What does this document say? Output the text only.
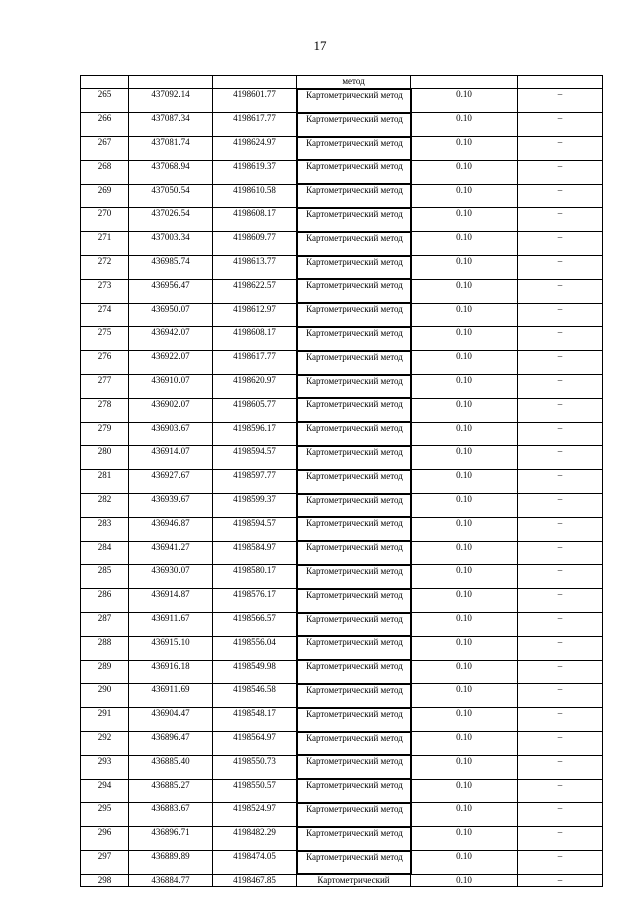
17
			метод		
265	437092.14	4198601.77		Картометрический метод	0.10	–
266	437087.34	4198617.77		Картометрический метод	0.10	–
267	437081.74	4198624.97		Картометрический метод	0.10	–
268	437068.94	4198619.37		Картометрический метод	0.10	–
269	437050.54	4198610.58		Картометрический метод	0.10	–
270	437026.54	4198608.17		Картометрический метод	0.10	–
271	437003.34	4198609.77		Картометрический метод	0.10	–
272	436985.74	4198613.77		Картометрический метод	0.10	–
273	436956.47	4198622.57		Картометрический метод	0.10	–
274	436950.07	4198612.97		Картометрический метод	0.10	–
275	436942.07	4198608.17		Картометрический метод	0.10	–
276	436922.07	4198617.77		Картометрический метод	0.10	–
277	436910.07	4198620.97		Картометрический метод	0.10	–
278	436902.07	4198605.77		Картометрический метод	0.10	–
279	436903.67	4198596.17		Картометрический метод	0.10	–
280	436914.07	4198594.57		Картометрический метод	0.10	–
281	436927.67	4198597.77		Картометрический метод	0.10	–
282	436939.67	4198599.37		Картометрический метод	0.10	–
283	436946.87	4198594.57		Картометрический метод	0.10	–
284	436941.27	4198584.97		Картометрический метод	0.10	–
285	436930.07	4198580.17		Картометрический метод	0.10	–
286	436914.87	4198576.17		Картометрический метод	0.10	–
287	436911.67	4198566.57		Картометрический метод	0.10	–
288	436915.10	4198556.04		Картометрический метод	0.10	–
289	436916.18	4198549.98		Картометрический метод	0.10	–
290	436911.69	4198546.58		Картометрический метод	0.10	–
291	436904.47	4198548.17		Картометрический метод	0.10	–
292	436896.47	4198564.97		Картометрический метод	0.10	–
293	436885.40	4198550.73		Картометрический метод	0.10	–
294	436885.27	4198550.57		Картометрический метод	0.10	–
295	436883.67	4198524.97		Картометрический метод	0.10	–
296	436896.71	4198482.29		Картометрический метод	0.10	–
297	436889.89	4198474.05		Картометрический метод	0.10	–
298	436884.77	4198467.85	Картометрический	0.10	–
